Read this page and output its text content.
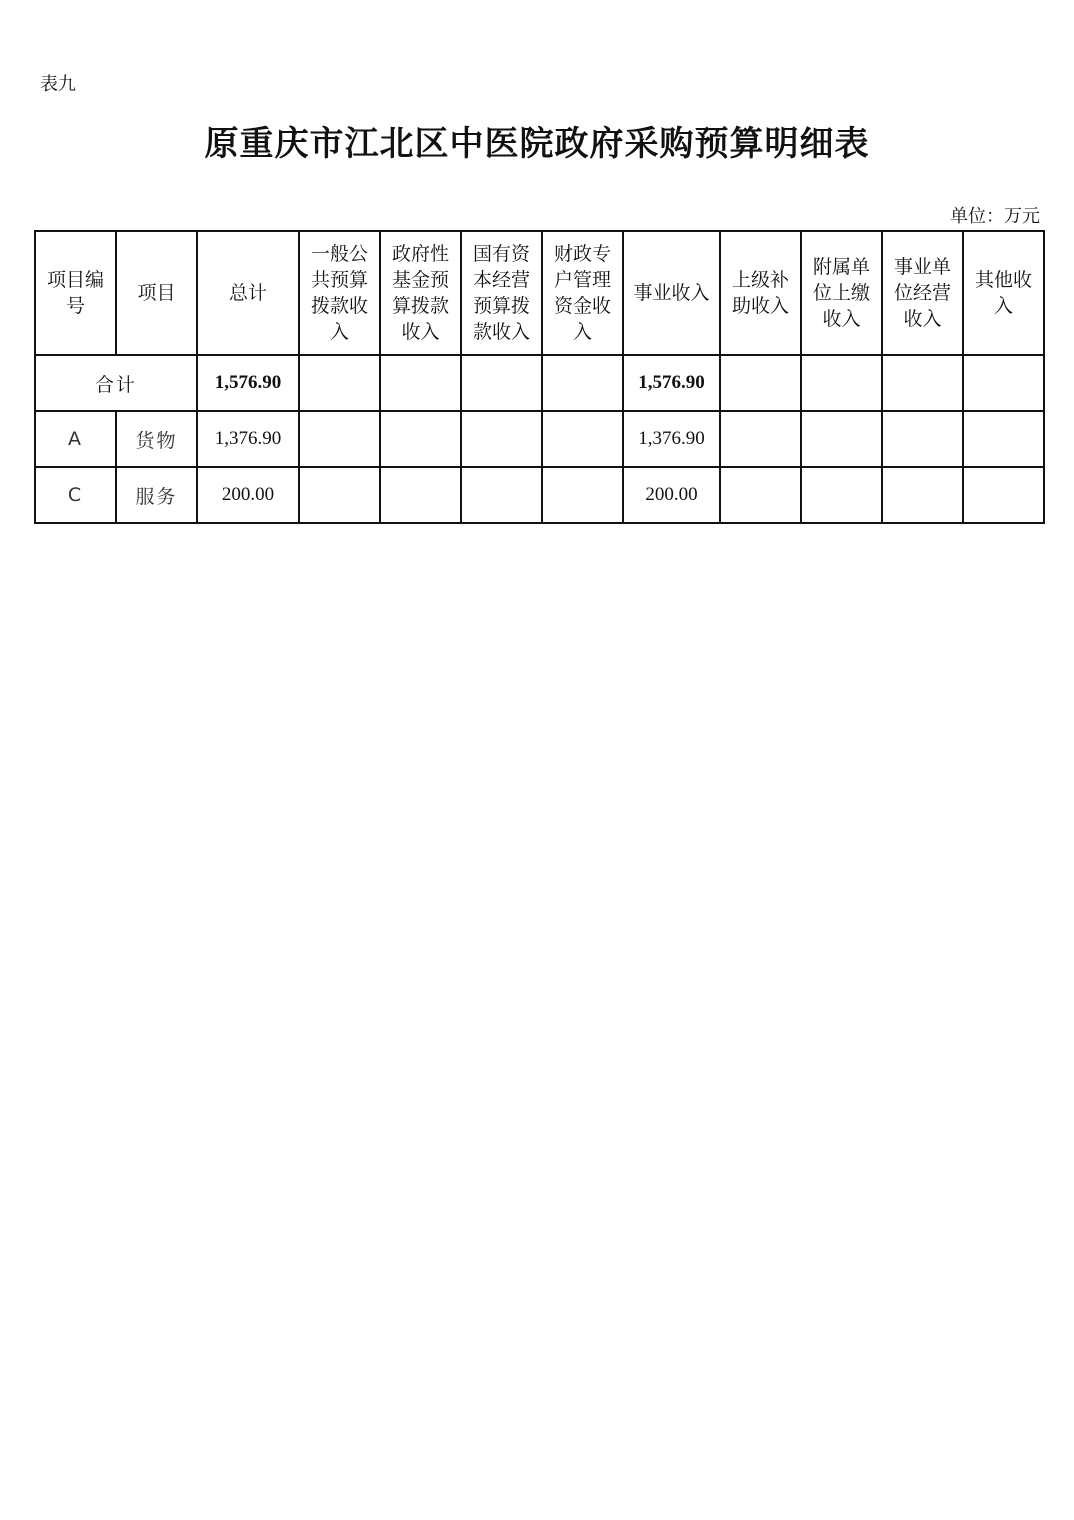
表九
原重庆市江北区中医院政府采购预算明细表
单位：万元
项目编号	项目	总计	一般公共预算拨款收入	政府性基金预算拨款收入	国有资本经营预算拨款收入	财政专户管理资金收入	事业收入	上级补助收入	附属单位上缴收入	事业单位经营收入	其他收入
合计		1,576.90					1,576.90				
A	货物	1,376.90					1,376.90				
C	服务	200.00					200.00				
